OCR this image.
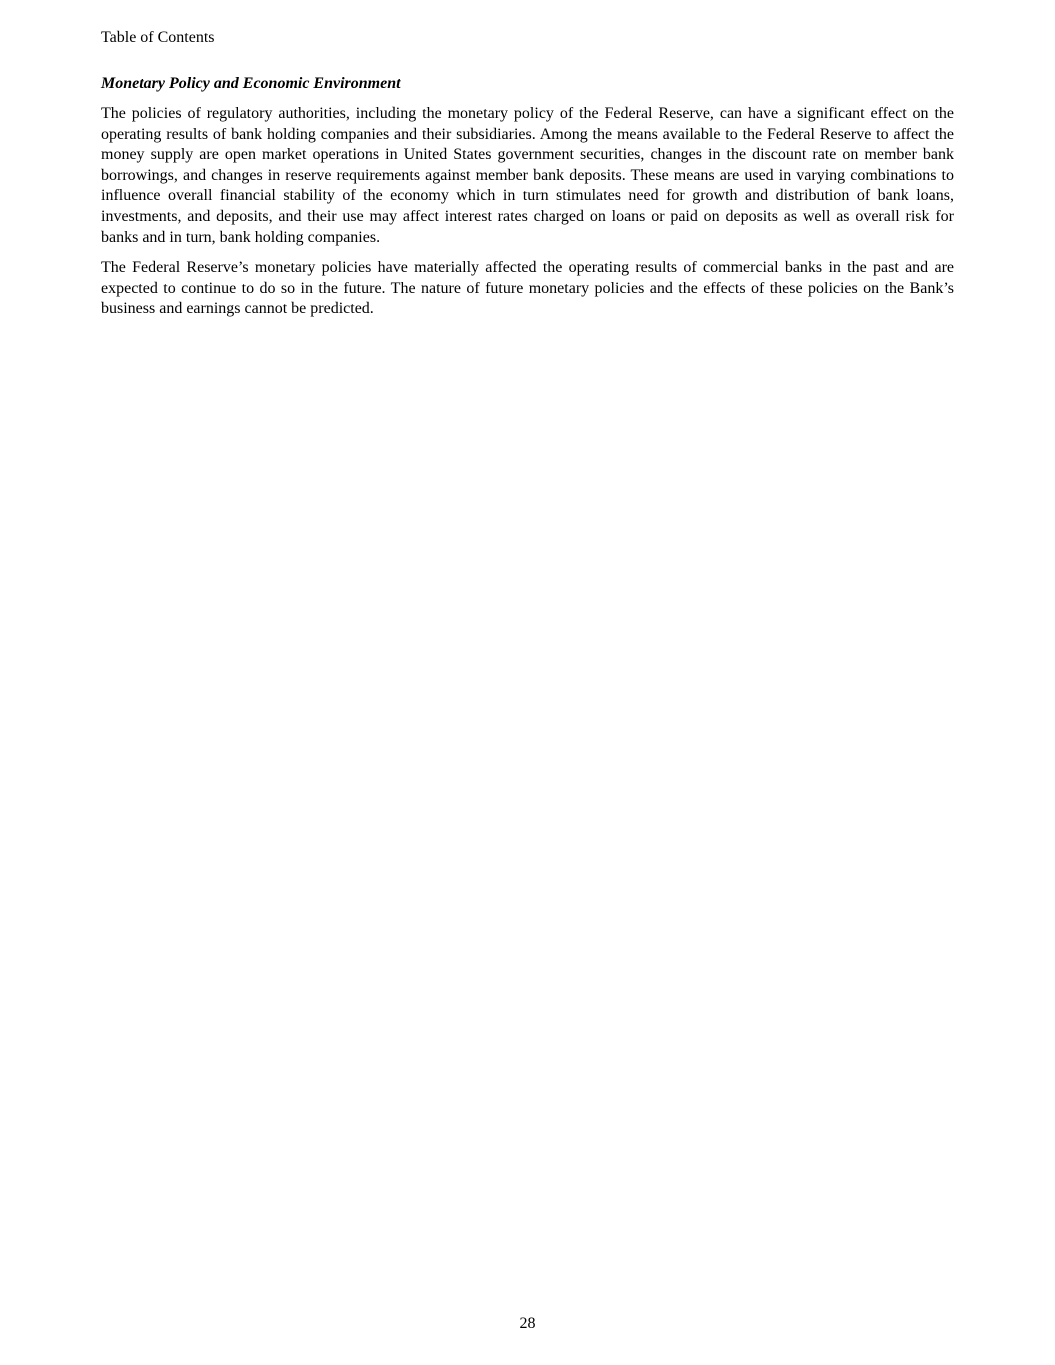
Table of Contents
Monetary Policy and Economic Environment

The policies of regulatory authorities, including the monetary policy of the Federal Reserve, can have a significant effect on the operating results of bank holding companies and their subsidiaries. Among the means available to the Federal Reserve to affect the money supply are open market operations in United States government securities, changes in the discount rate on member bank borrowings, and changes in reserve requirements against member bank deposits. These means are used in varying combinations to influence overall financial stability of the economy which in turn stimulates need for growth and distribution of bank loans, investments, and deposits, and their use may affect interest rates charged on loans or paid on deposits as well as overall risk for banks and in turn, bank holding companies.

The Federal Reserve’s monetary policies have materially affected the operating results of commercial banks in the past and are expected to continue to do so in the future. The nature of future monetary policies and the effects of these policies on the Bank’s business and earnings cannot be predicted.

28
